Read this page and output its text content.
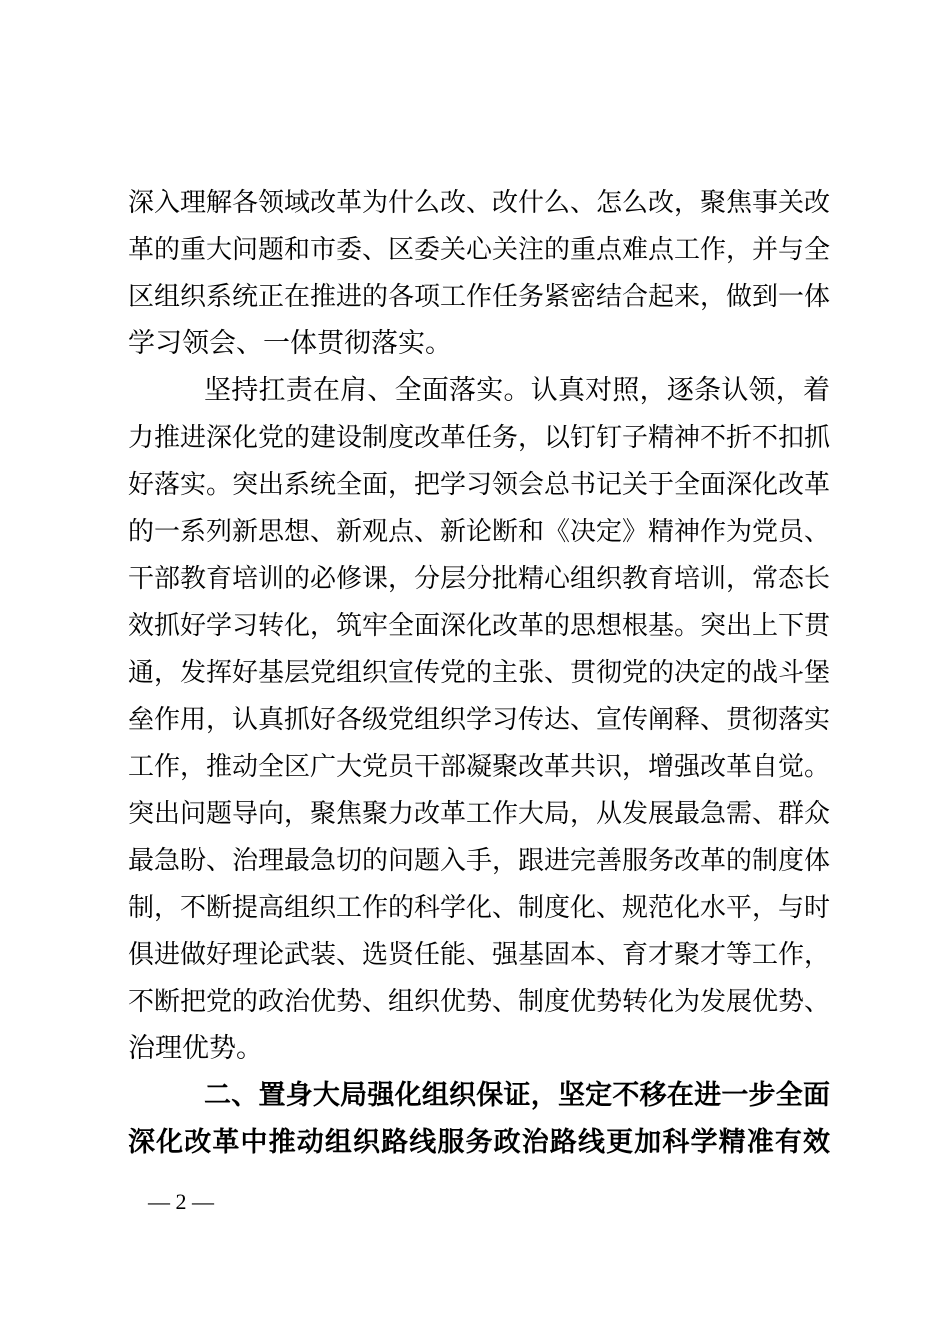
深入理解各领域改革为什么改、改什么、怎么改，聚焦事关改
革的重大问题和市委、区委关心关注的重点难点工作，并与全
区组织系统正在推进的各项工作任务紧密结合起来，做到一体
学习领会、一体贯彻落实。
坚持扛责在肩、全面落实。认真对照，逐条认领，着
力推进深化党的建设制度改革任务，以钉钉子精神不折不扣抓
好落实。突出系统全面，把学习领会总书记关于全面深化改革
的一系列新思想、新观点、新论断和《决定》精神作为党员、
干部教育培训的必修课，分层分批精心组织教育培训，常态长
效抓好学习转化，筑牢全面深化改革的思想根基。突出上下贯
通，发挥好基层党组织宣传党的主张、贯彻党的决定的战斗堡
垒作用，认真抓好各级党组织学习传达、宣传阐释、贯彻落实
工作，推动全区广大党员干部凝聚改革共识，增强改革自觉。
突出问题导向，聚焦聚力改革工作大局，从发展最急需、群众
最急盼、治理最急切的问题入手，跟进完善服务改革的制度体
制，不断提高组织工作的科学化、制度化、规范化水平，与时
俱进做好理论武装、选贤任能、强基固本、育才聚才等工作，
不断把党的政治优势、组织优势、制度优势转化为发展优势、
治理优势。
二、置身大局强化组织保证，坚定不移在进一步全面
深化改革中推动组织路线服务政治路线更加科学精准有效
— 2 —
